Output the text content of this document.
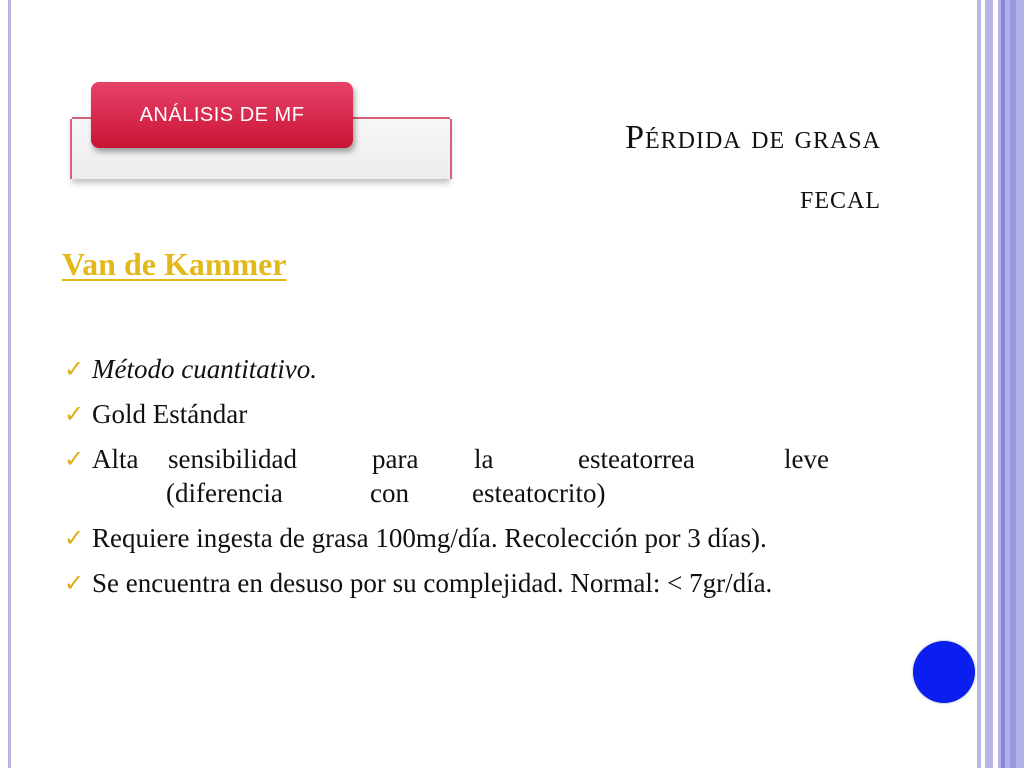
ANÁLISIS DE MF
Pérdida de grasa
fecal
Van de Kammer
✓ Método cuantitativo.
✓ Gold Estándar
✓ Alta	sensibilidad	para	la	esteatorrea	leve
(diferencia	con	esteatocrito)
✓ Requiere ingesta de grasa 100mg/día. Recolección por 3 días).
✓ Se encuentra en desuso por su complejidad. Normal: < 7gr/día.
